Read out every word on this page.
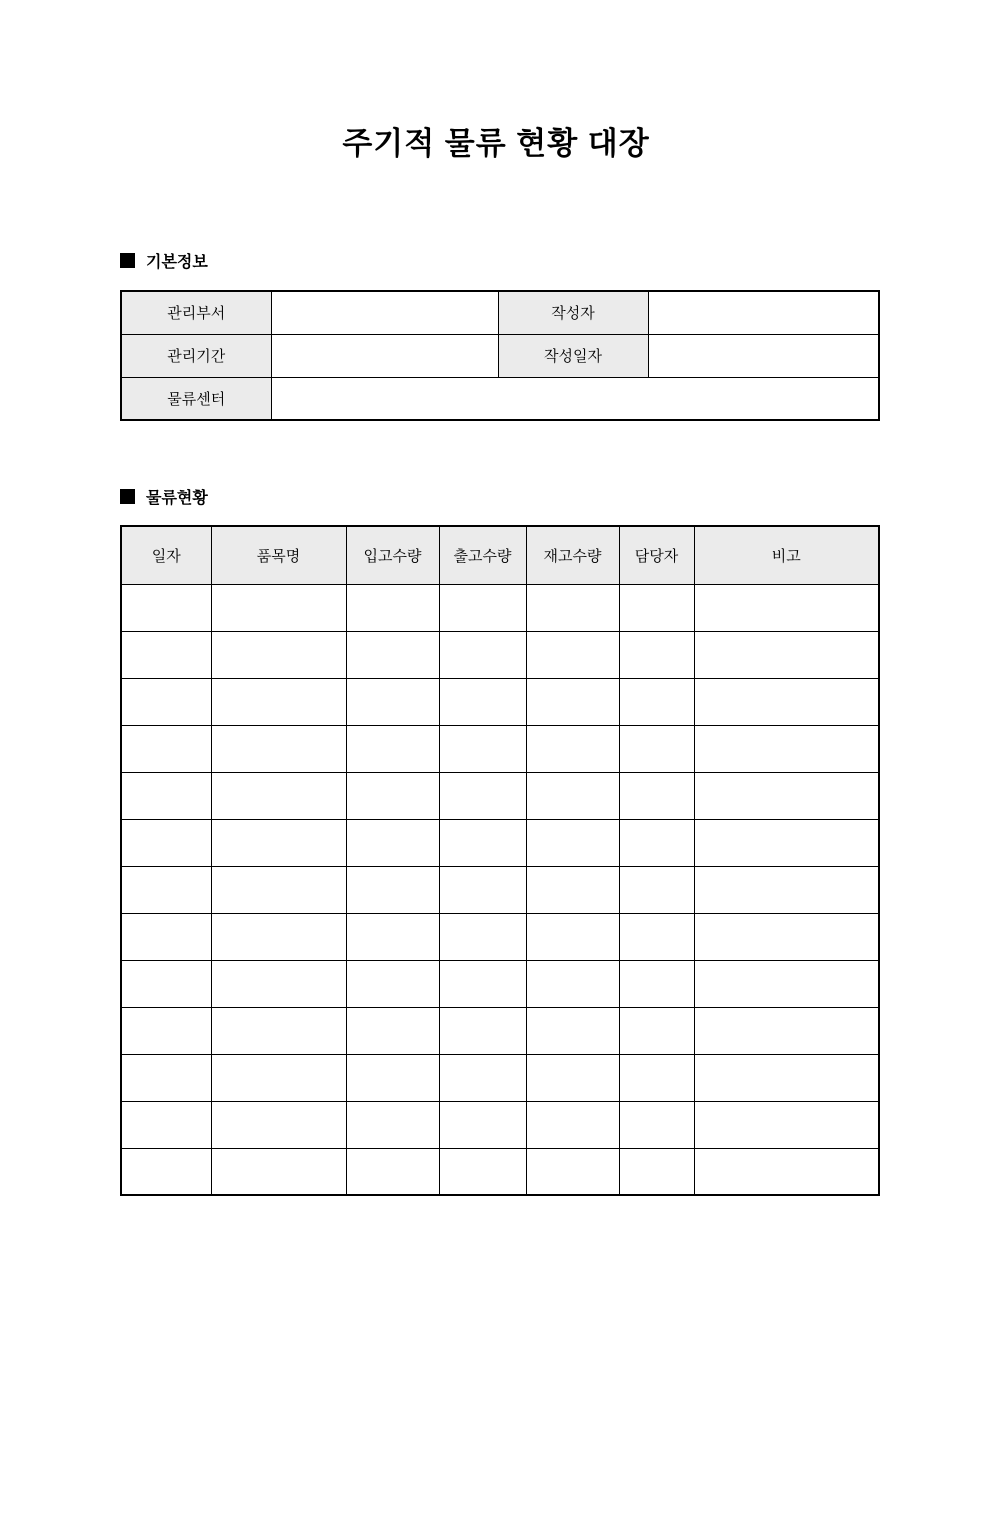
주기적 물류 현황 대장
기본정보
관리부서		작성자	
관리기간		작성일자	
물류센터			
물류현황
일자	품목명	입고수량	출고수량	재고수량	담당자	비고
